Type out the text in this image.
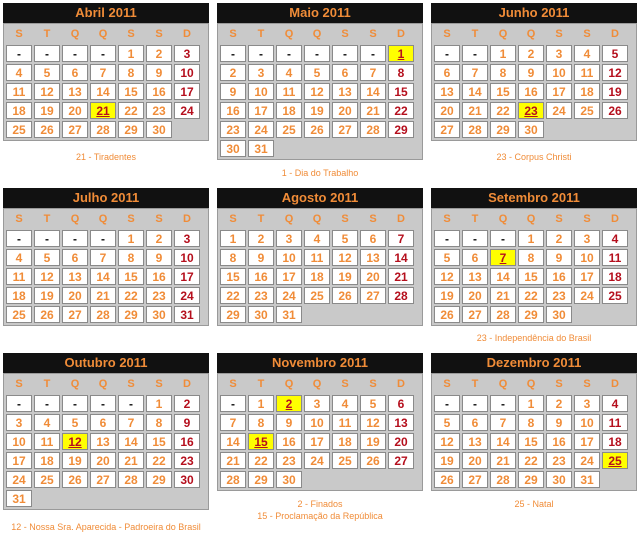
Abril 2011
S	T	Q	Q	S	S	D
-	-	-	-	1	2	3
4	5	6	7	8	9	10
11	12	13	14	15	16	17
18	19	20	21	22	23	24
25	26	27	28	29	30
21 - Tiradentes
Maio 2011
S	T	Q	Q	S	S	D
-	-	-	-	-	-	1
2	3	4	5	6	7	8
9	10	11	12	13	14	15
16	17	18	19	20	21	22
23	24	25	26	27	28	29
30	31
1 - Dia do Trabalho
Junho 2011
S	T	Q	Q	S	S	D
-	-	1	2	3	4	5
6	7	8	9	10	11	12
13	14	15	16	17	18	19
20	21	22	23	24	25	26
27	28	29	30
23 - Corpus Christi
Julho 2011
S	T	Q	Q	S	S	D
-	-	-	-	1	2	3
4	5	6	7	8	9	10
11	12	13	14	15	16	17
18	19	20	21	22	23	24
25	26	27	28	29	30	31
Agosto 2011
S	T	Q	Q	S	S	D
1	2	3	4	5	6	7
8	9	10	11	12	13	14
15	16	17	18	19	20	21
22	23	24	25	26	27	28
29	30	31
Setembro 2011
S	T	Q	Q	S	S	D
-	-	-	1	2	3	4
5	6	7	8	9	10	11
12	13	14	15	16	17	18
19	20	21	22	23	24	25
26	27	28	29	30
23 - Independência do Brasil
Outubro 2011
S	T	Q	Q	S	S	D
-	-	-	-	-	1	2
3	4	5	6	7	8	9
10	11	12	13	14	15	16
17	18	19	20	21	22	23
24	25	26	27	28	29	30
31
12 - Nossa Sra. Aparecida - Padroeira do Brasil
Novembro 2011
S	T	Q	Q	S	S	D
-	1	2	3	4	5	6
7	8	9	10	11	12	13
14	15	16	17	18	19	20
21	22	23	24	25	26	27
28	29	30
2 - Finados
15 - Proclamação da República
Dezembro 2011
S	T	Q	Q	S	S	D
-	-	-	1	2	3	4
5	6	7	8	9	10	11
12	13	14	15	16	17	18
19	20	21	22	23	24	25
26	27	28	29	30	31
25 - Natal
